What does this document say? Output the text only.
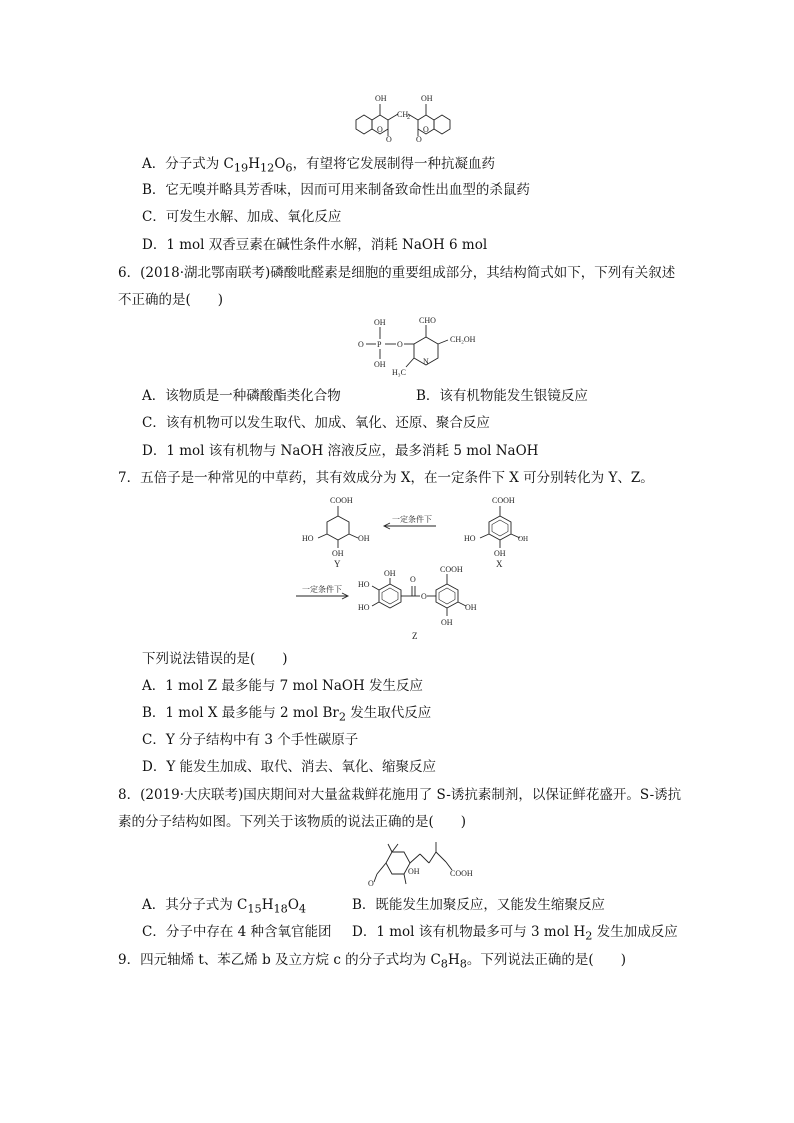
OH
CH
2
OH
O
O
O
O
A．分子式为 $C_{19}H_{12}O_6$，有望将它发展制得一种抗凝血药
B．它无嗅并略具芳香味，因而可用来制备致命性出血型的杀鼠药
C．可发生水解、加成、氧化反应
D．1 mol 双香豆素在碱性条件水解，消耗 NaOH 6 mol
6．(2018·湖北鄂南联考)磷酸吡醛素是细胞的重要组成部分，其结构简式如下，下列有关叙述
不正确的是(　　)
OH
O P O
OH
CHO
CH₂OH
N
H₃C
A．该物质是一种磷酸酯类化合物	B．该有机物能发生银镜反应
C．该有机物可以发生取代、加成、氧化、还原、聚合反应
D．1 mol 该有机物与 NaOH 溶液反应，最多消耗 5 mol NaOH
7．五倍子是一种常见的中草药，其有效成分为 X，在一定条件下 X 可分别转化为 Y、Z。
COOH
HO	OH
OH
Y
一定条件下
COOH
HO	OH
OH
X
一定条件下
HO
HO
OH
O
O
COOH
OH
OH
Z
下列说法错误的是(　　)
A．1 mol Z 最多能与 7 mol NaOH 发生反应
B．1 mol X 最多能与 2 mol $Br_2$ 发生取代反应
C．Y 分子结构中有 3 个手性碳原子
D．Y 能发生加成、取代、消去、氧化、缩聚反应
8．(2019·大庆联考)国庆期间对大量盆栽鲜花施用了 S-诱抗素制剂，以保证鲜花盛开。S-诱抗
素的分子结构如图。下列关于该物质的说法正确的是(　　)
OH	COOH
O
A．其分子式为 $C_{15}H_{18}O_4$	B．既能发生加聚反应，又能发生缩聚反应
C．分子中存在 4 种含氧官能团 D．1 mol 该有机物最多可与 3 mol $H_2$ 发生加成反应
9．四元轴烯 t、苯乙烯 b 及立方烷 c 的分子式均为 $C_8H_8$。下列说法正确的是(　　)
